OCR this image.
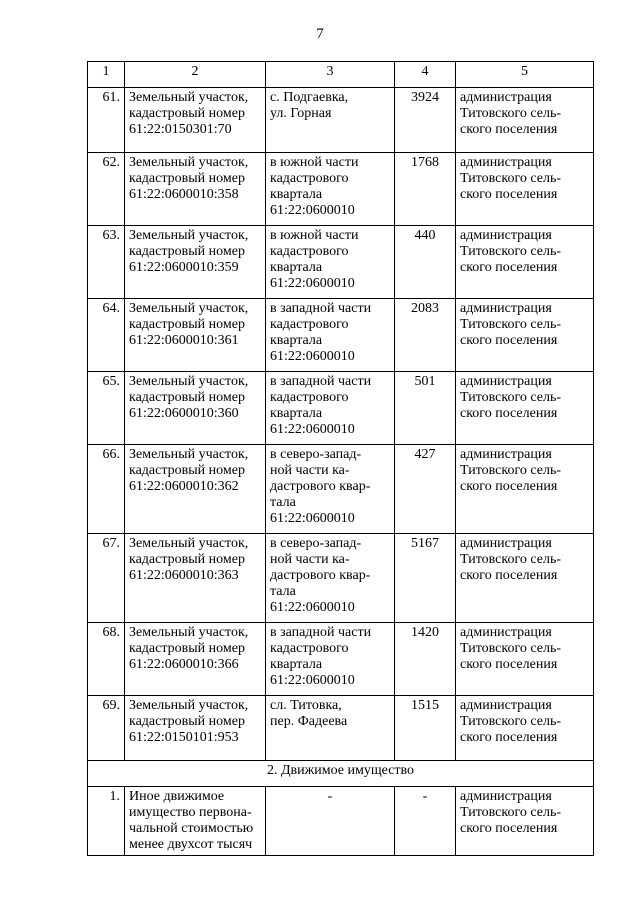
7
1	2	3	4	5
61.	Земельный участок,
кадастровый номер
61:22:0150301:70	с. Подгаевка,
ул. Горная	3924	администрация
Титовского сель-
ского поселения

62.	Земельный участок,
кадастровый номер
61:22:0600010:358	в южной части
кадастрового
квартала
61:22:0600010	1768	администрация
Титовского сель-
ского поселения

63.	Земельный участок,
кадастровый номер
61:22:0600010:359	в южной части
кадастрового
квартала
61:22:0600010	440	администрация
Титовского сель-
ского поселения

64.	Земельный участок,
кадастровый номер
61:22:0600010:361	в западной части
кадастрового
квартала
61:22:0600010	2083	администрация
Титовского сель-
ского поселения

65.	Земельный участок,
кадастровый номер
61:22:0600010:360	в западной части
кадастрового
квартала
61:22:0600010	501	администрация
Титовского сель-
ского поселения

66.	Земельный участок,
кадастровый номер
61:22:0600010:362	в северо-запад-
ной части ка-
дастрового квар-
тала
61:22:0600010	427	администрация
Титовского сель-
ского поселения

67.	Земельный участок,
кадастровый номер
61:22:0600010:363	в северо-запад-
ной части ка-
дастрового квар-
тала
61:22:0600010	5167	администрация
Титовского сель-
ского поселения

68.	Земельный участок,
кадастровый номер
61:22:0600010:366	в западной части
кадастрового
квартала
61:22:0600010	1420	администрация
Титовского сель-
ского поселения

69.	Земельный участок,
кадастровый номер
61:22:0150101:953	сл. Титовка,
пер. Фадеева	1515	администрация
Титовского сель-
ского поселения

2. Движимое имущество				
1.	Иное движимое
имущество первона-
чальной стоимостью
менее двухсот тысяч	-	-	администрация
Титовского сель-
ского поселения
